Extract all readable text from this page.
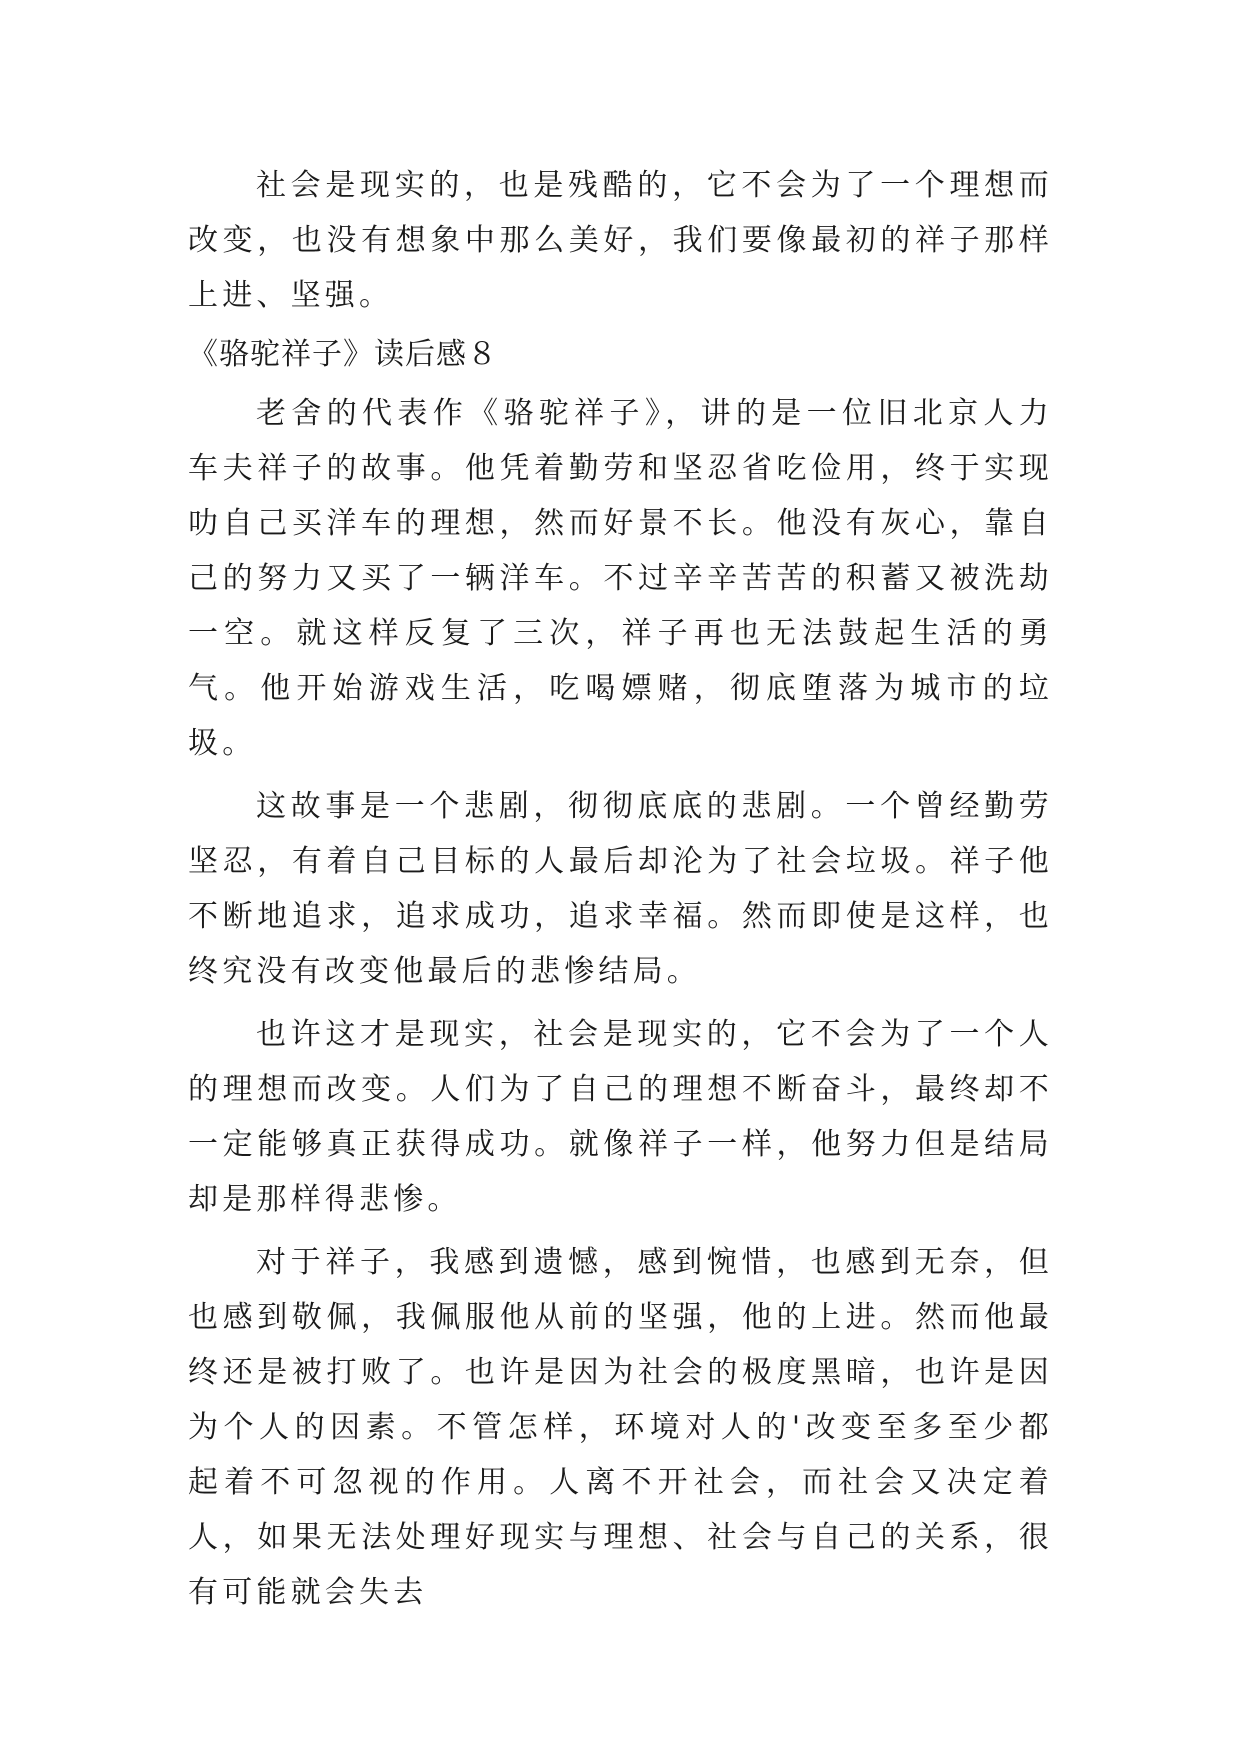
社会是现实的，也是残酷的，它不会为了一个理想而改变，也没有想象中那么美好，我们要像最初的祥子那样上进、坚强。

《骆驼祥子》读后感８

老舍的代表作《骆驼祥子》，讲的是一位旧北京人力车夫祥子的故事。他凭着勤劳和坚忍省吃俭用，终于实现叻自己买洋车的理想，然而好景不长。他没有灰心，靠自己的努力又买了一辆洋车。不过辛辛苦苦的积蓄又被洗劫一空。就这样反复了三次，祥子再也无法鼓起生活的勇气。他开始游戏生活，吃喝嫖赌，彻底堕落为城市的垃圾。

这故事是一个悲剧，彻彻底底的悲剧。一个曾经勤劳坚忍，有着自己目标的人最后却沦为了社会垃圾。祥子他不断地追求，追求成功，追求幸福。然而即使是这样，也终究没有改变他最后的悲惨结局。

也许这才是现实，社会是现实的，它不会为了一个人的理想而改变。人们为了自己的理想不断奋斗，最终却不一定能够真正获得成功。就像祥子一样，他努力但是结局却是那样得悲惨。

对于祥子，我感到遗憾，感到惋惜，也感到无奈，但也感到敬佩，我佩服他从前的坚强，他的上进。然而他最终还是被打败了。也许是因为社会的极度黑暗，也许是因为个人的因素。不管怎样，环境对人的'改变至多至少都起着不可忽视的作用。人离不开社会，而社会又决定着人，如果无法处理好现实与理想、社会与自己的关系，很有可能就会失去
